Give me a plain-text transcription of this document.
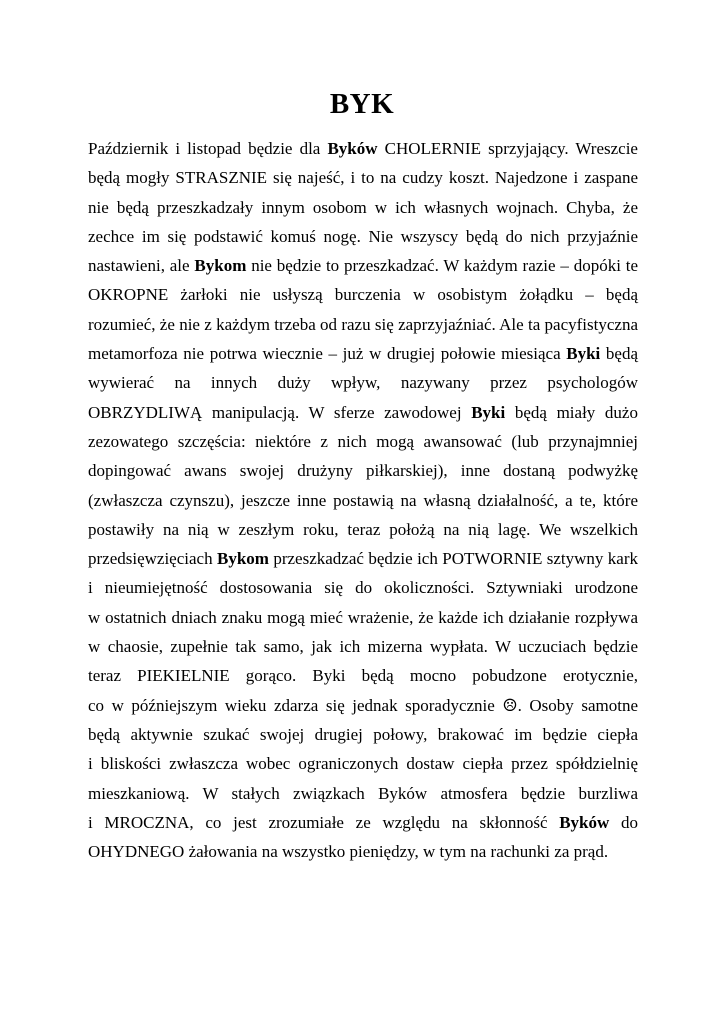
BYK
Październik i listopad będzie dla Byków CHOLERNIE sprzyjający. Wreszcie
będą mogły STRASZNIE się najeść, i to na cudzy koszt. Najedzone i zaspane
nie będą przeszkadzały innym osobom w ich własnych wojnach. Chyba, że
zechce im się podstawić komuś nogę. Nie wszyscy będą do nich przyjaźnie
nastawieni, ale Bykom nie będzie to przeszkadzać. W każdym razie – dopóki te
OKROPNE żarłoki nie usłyszą burczenia w osobistym żołądku – będą
rozumieć, że nie z każdym trzeba od razu się zaprzyjaźniać. Ale ta pacyfistyczna
metamorfoza nie potrwa wiecznie – już w drugiej połowie miesiąca Byki będą
wywierać na innych duży wpływ, nazywany przez psychologów
OBRZYDLIWĄ manipulacją. W sferze zawodowej Byki będą miały dużo
zezowatego szczęścia: niektóre z nich mogą awansować (lub przynajmniej
dopingować awans swojej drużyny piłkarskiej), inne dostaną podwyżkę
(zwłaszcza czynszu), jeszcze inne postawią na własną działalność, a te, które
postawiły na nią w zeszłym roku, teraz położą na nią lagę. We wszelkich
przedsięwzięciach Bykom przeszkadzać będzie ich POTWORNIE sztywny kark
i nieumiejętność dostosowania się do okoliczności. Sztywniaki urodzone
w ostatnich dniach znaku mogą mieć wrażenie, że każde ich działanie rozpływa
w chaosie, zupełnie tak samo, jak ich mizerna wypłata. W uczuciach będzie
teraz PIEKIELNIE gorąco. Byki będą mocno pobudzone erotycznie,
co w późniejszym wieku zdarza się jednak sporadycznie ☹. Osoby samotne
będą aktywnie szukać swojej drugiej połowy, brakować im będzie ciepła
i bliskości zwłaszcza wobec ograniczonych dostaw ciepła przez spółdzielnię
mieszkaniową. W stałych związkach Byków atmosfera będzie burzliwa
i MROCZNA, co jest zrozumiałe ze względu na skłonność Byków do
OHYDNEGO żałowania na wszystko pieniędzy, w tym na rachunki za prąd.
